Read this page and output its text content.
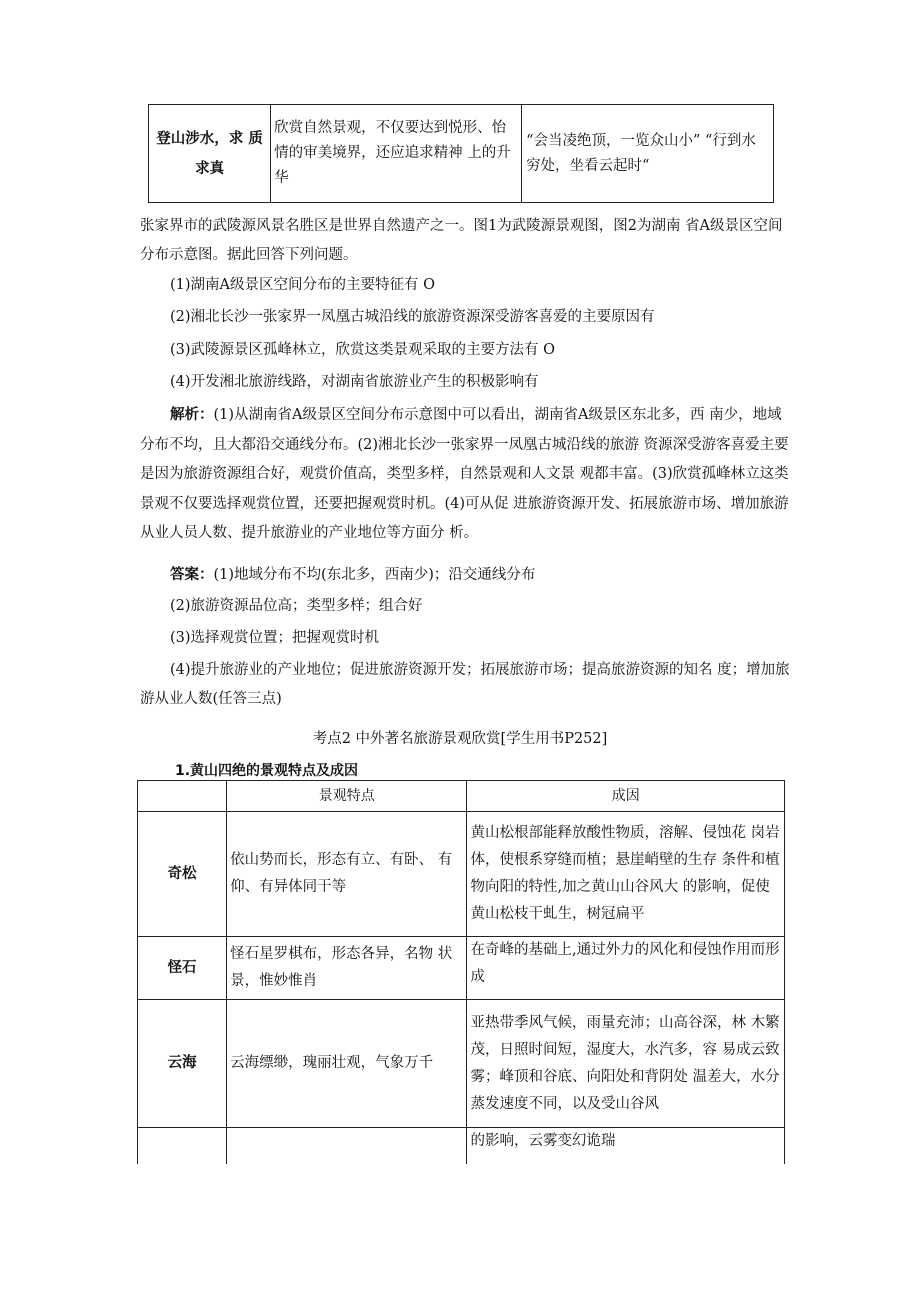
登山涉水，求 质求真	欣赏自然景观，不仅要达到悦形、怡情的审美境界，还应追求精神 上的升华	“会当凌绝顶，一览众山小” “行到水穷处，坐看云起时“
张家界市的武陵源风景名胜区是世界自然遗产之一。图1为武陵源景观图，图2为湖南 省A级景区空间分布示意图。据此回答下列问题。
(1)湖南A级景区空间分布的主要特征有 O
(2)湘北长沙一张家界一凤凰古城沿线的旅游资源深受游客喜爱的主要原因有
(3)武陵源景区孤峰林立，欣赏这类景观采取的主要方法有 O
(4)开发湘北旅游线路，对湖南省旅游业产生的积极影响有
解析：(1)从湖南省A级景区空间分布示意图中可以看出，湖南省A级景区东北多，西 南少，地域分布不均，且大都沿交通线分布。(2)湘北长沙一张家界一凤凰古城沿线的旅游 资源深受游客喜爱主要是因为旅游资源组合好，观赏价值高，类型多样，自然景观和人文景 观都丰富。(3)欣赏孤峰林立这类景观不仅要选择观赏位置，还要把握观赏时机。(4)可从促 进旅游资源开发、拓展旅游市场、增加旅游从业人员人数、提升旅游业的产业地位等方面分 析。
答案：(1)地域分布不均(东北多，西南少)；沿交通线分布
(2)旅游资源品位高；类型多样；组合好
(3)选择观赏位置；把握观赏时机
(4)提升旅游业的产业地位；促进旅游资源开发；拓展旅游市场；提高旅游资源的知名 度；增加旅游从业人数(任答三点)
考点2 中外著名旅游景观欣赏[学生用书P252]
1.黄山四绝的景观特点及成因
	景观特点	成因
奇松	依山势而长，形态有立、有卧、 有仰、有异体同干等	黄山松根部能释放酸性物质，溶解、侵蚀花 岗岩体，使根系穿缝而植；悬崖峭壁的生存 条件和植物向阳的特性,加之黄山山谷风大 的影响，促使黄山松枝干虬生，树冠扁平
怪石	怪石星罗棋布，形态各异，名物 状景，惟妙惟肖	在奇峰的基础上,通过外力的风化和侵蚀作用而形成
云海	云海缥缈，瑰丽壮观，气象万千	亚热带季风气候，雨量充沛；山高谷深，林 木繁茂，日照时间短，湿度大，水汽多，容 易成云致雾；峰顶和谷底、向阳处和背阴处 温差大，水分蒸发速度不同，以及受山谷风
		的影响，云雾变幻诡瑞
